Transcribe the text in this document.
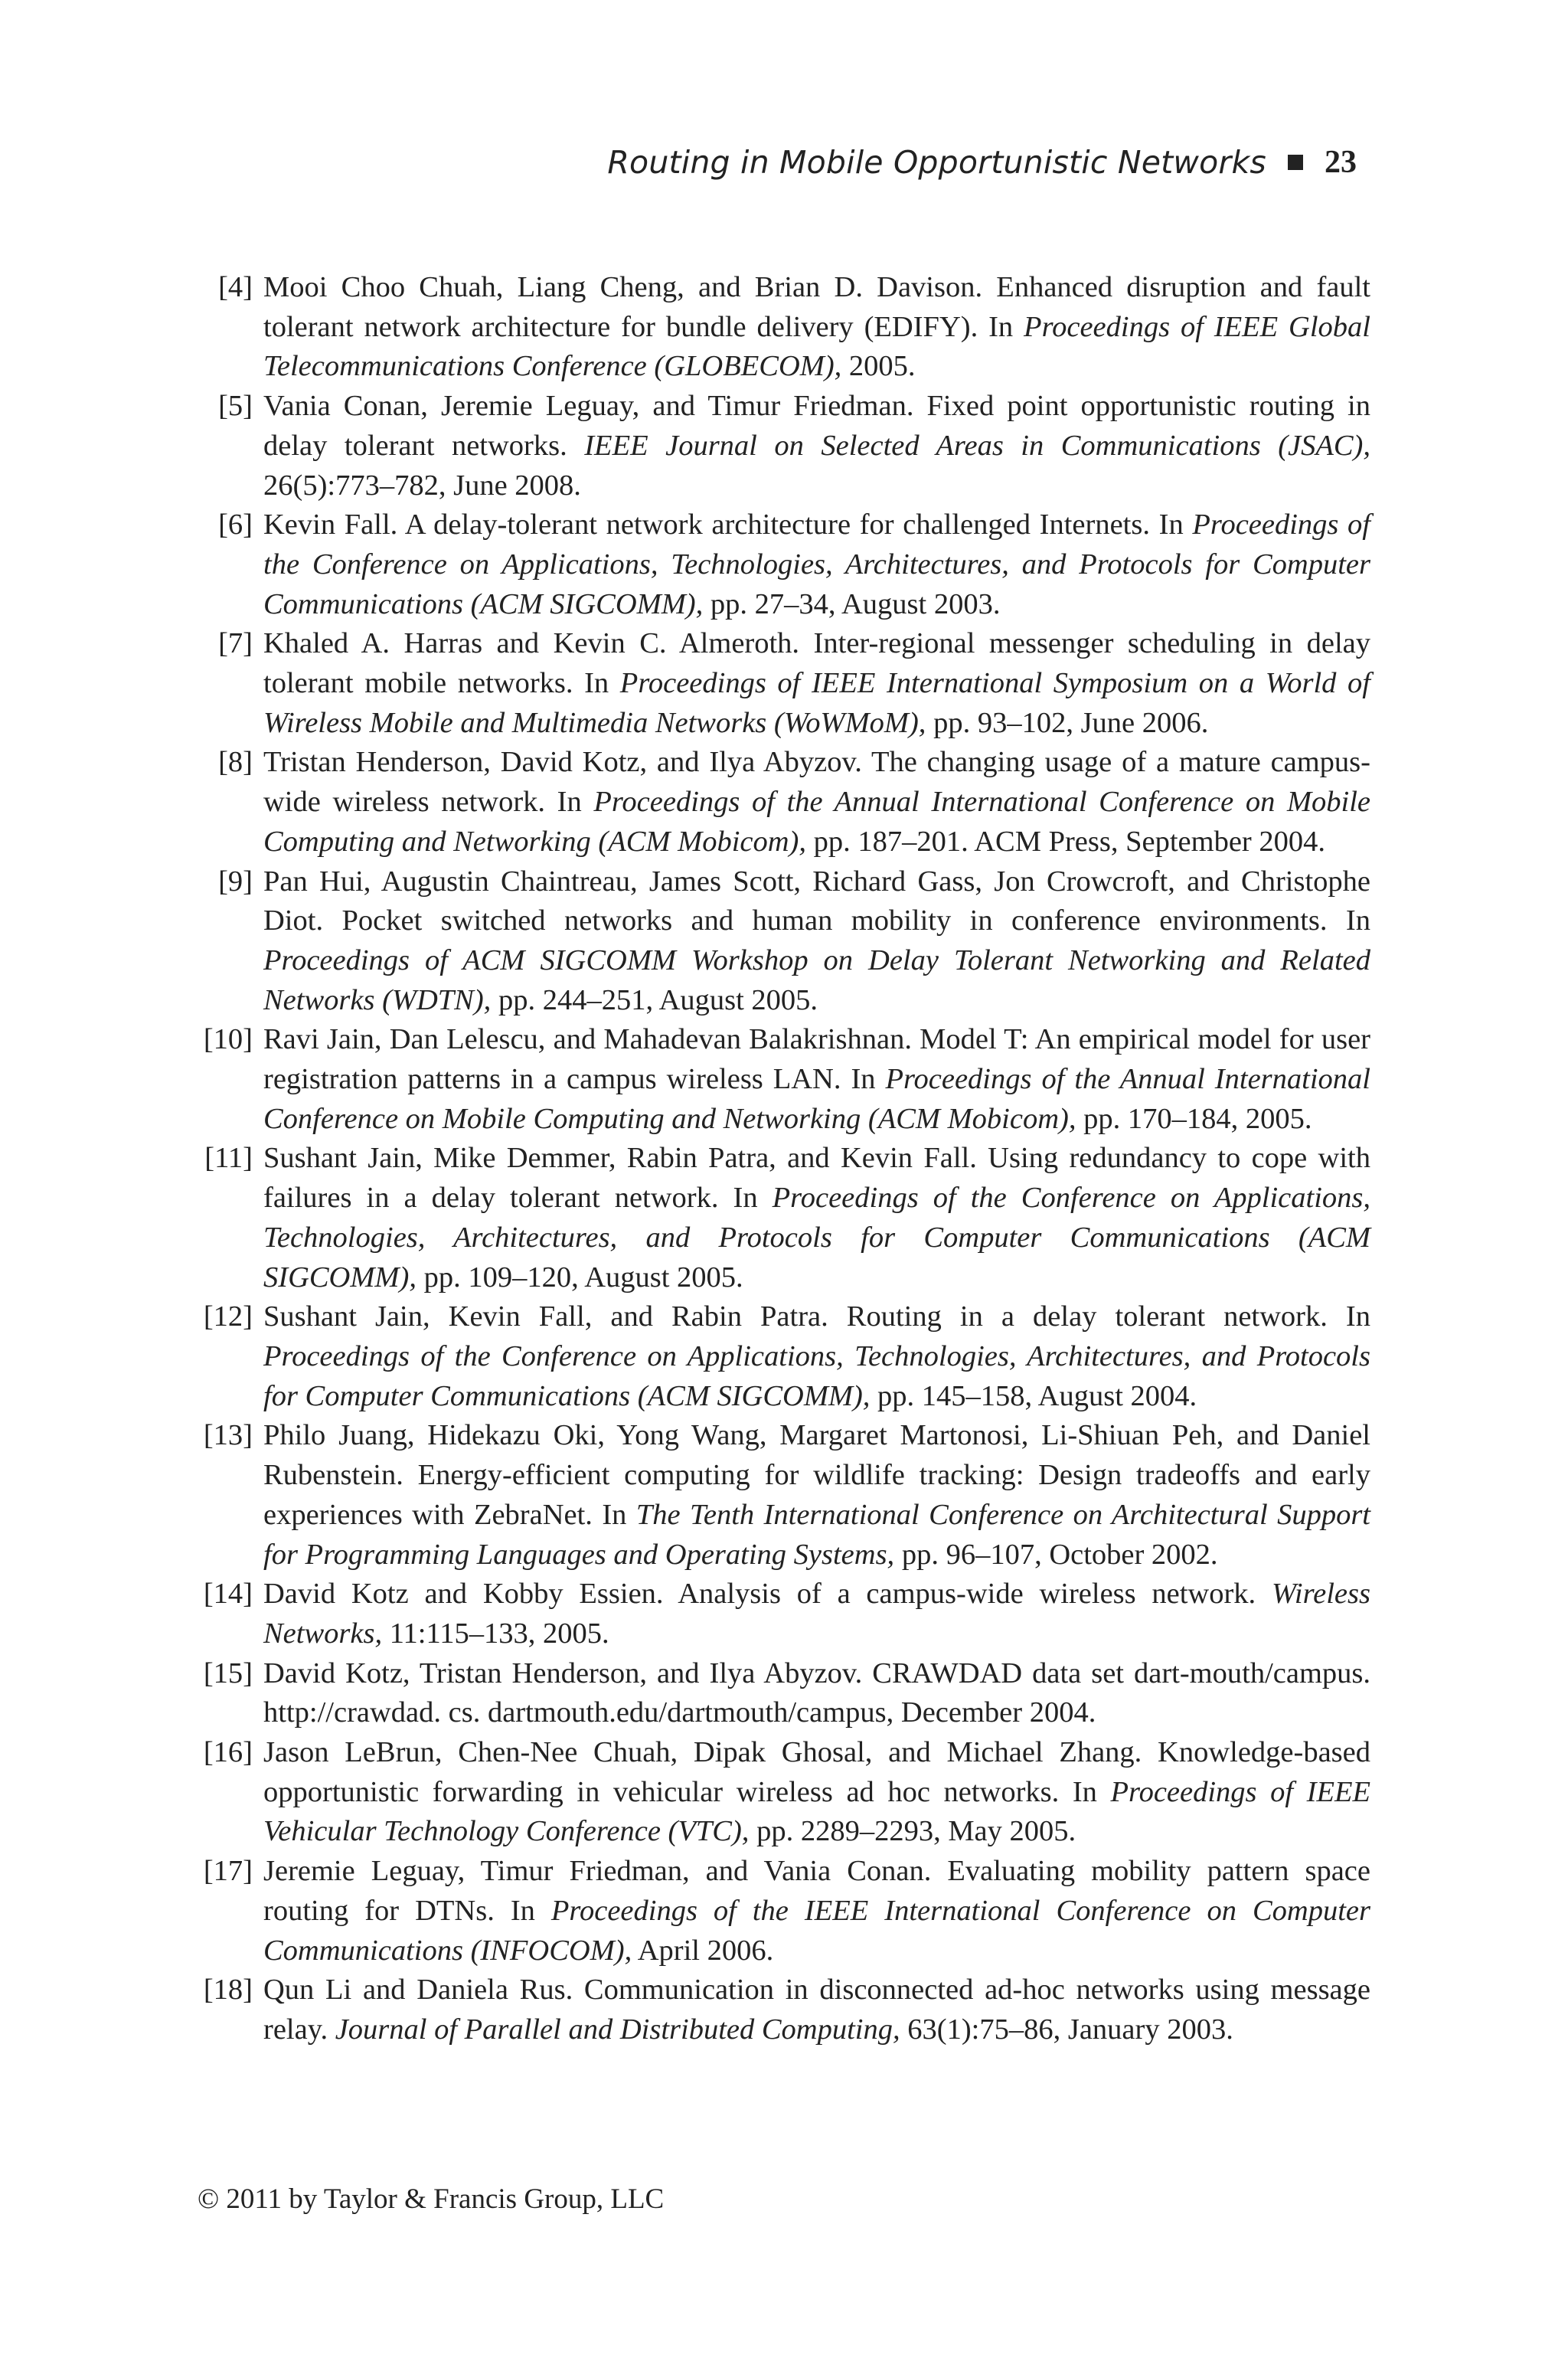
Routing in Mobile Opportunistic Networks 23
[4] Mooi Choo Chuah, Liang Cheng, and Brian D. Davison. Enhanced disruption and fault tolerant network architecture for bundle delivery (EDIFY). In Proceedings of IEEE Global Telecommunications Conference (GLOBECOM), 2005.
[5] Vania Conan, Jeremie Leguay, and Timur Friedman. Fixed point opportunistic routing in delay tolerant networks. IEEE Journal on Selected Areas in Communications (JSAC), 26(5):773–782, June 2008.
[6] Kevin Fall. A delay-tolerant network architecture for challenged Internets. In Proceedings of the Conference on Applications, Technologies, Architectures, and Protocols for Computer Communications (ACM SIGCOMM), pp. 27–34, August 2003.
[7] Khaled A. Harras and Kevin C. Almeroth. Inter-regional messenger scheduling in delay tolerant mobile networks. In Proceedings of IEEE International Symposium on a World of Wireless Mobile and Multimedia Networks (WoWMoM), pp. 93–102, June 2006.
[8] Tristan Henderson, David Kotz, and Ilya Abyzov. The changing usage of a mature campus-wide wireless network. In Proceedings of the Annual International Conference on Mobile Computing and Networking (ACM Mobicom), pp. 187–201. ACM Press, September 2004.
[9] Pan Hui, Augustin Chaintreau, James Scott, Richard Gass, Jon Crowcroft, and Christophe Diot. Pocket switched networks and human mobility in conference environments. In Proceedings of ACM SIGCOMM Workshop on Delay Tolerant Networking and Related Networks (WDTN), pp. 244–251, August 2005.
[10] Ravi Jain, Dan Lelescu, and Mahadevan Balakrishnan. Model T: An empirical model for user registration patterns in a campus wireless LAN. In Proceedings of the Annual International Conference on Mobile Computing and Networking (ACM Mobicom), pp. 170–184, 2005.
[11] Sushant Jain, Mike Demmer, Rabin Patra, and Kevin Fall. Using redundancy to cope with failures in a delay tolerant network. In Proceedings of the Conference on Applications, Technologies, Architectures, and Protocols for Computer Communications (ACM SIGCOMM), pp. 109–120, August 2005.
[12] Sushant Jain, Kevin Fall, and Rabin Patra. Routing in a delay tolerant network. In Proceedings of the Conference on Applications, Technologies, Architectures, and Protocols for Computer Communications (ACM SIGCOMM), pp. 145–158, August 2004.
[13] Philo Juang, Hidekazu Oki, Yong Wang, Margaret Martonosi, Li-Shiuan Peh, and Daniel Rubenstein. Energy-efficient computing for wildlife tracking: Design tradeoffs and early experiences with ZebraNet. In The Tenth International Conference on Architectural Support for Programming Languages and Operating Systems, pp. 96–107, October 2002.
[14] David Kotz and Kobby Essien. Analysis of a campus-wide wireless network. Wireless Networks, 11:115–133, 2005.
[15] David Kotz, Tristan Henderson, and Ilya Abyzov. CRAWDAD data set dart-mouth/campus. http://crawdad. cs. dartmouth.edu/dartmouth/campus, December 2004.
[16] Jason LeBrun, Chen-Nee Chuah, Dipak Ghosal, and Michael Zhang. Knowledge-based opportunistic forwarding in vehicular wireless ad hoc networks. In Proceedings of IEEE Vehicular Technology Conference (VTC), pp. 2289–2293, May 2005.
[17] Jeremie Leguay, Timur Friedman, and Vania Conan. Evaluating mobility pattern space routing for DTNs. In Proceedings of the IEEE International Conference on Computer Communications (INFOCOM), April 2006.
[18] Qun Li and Daniela Rus. Communication in disconnected ad-hoc networks using message relay. Journal of Parallel and Distributed Computing, 63(1):75–86, January 2003.
© 2011 by Taylor & Francis Group, LLC
